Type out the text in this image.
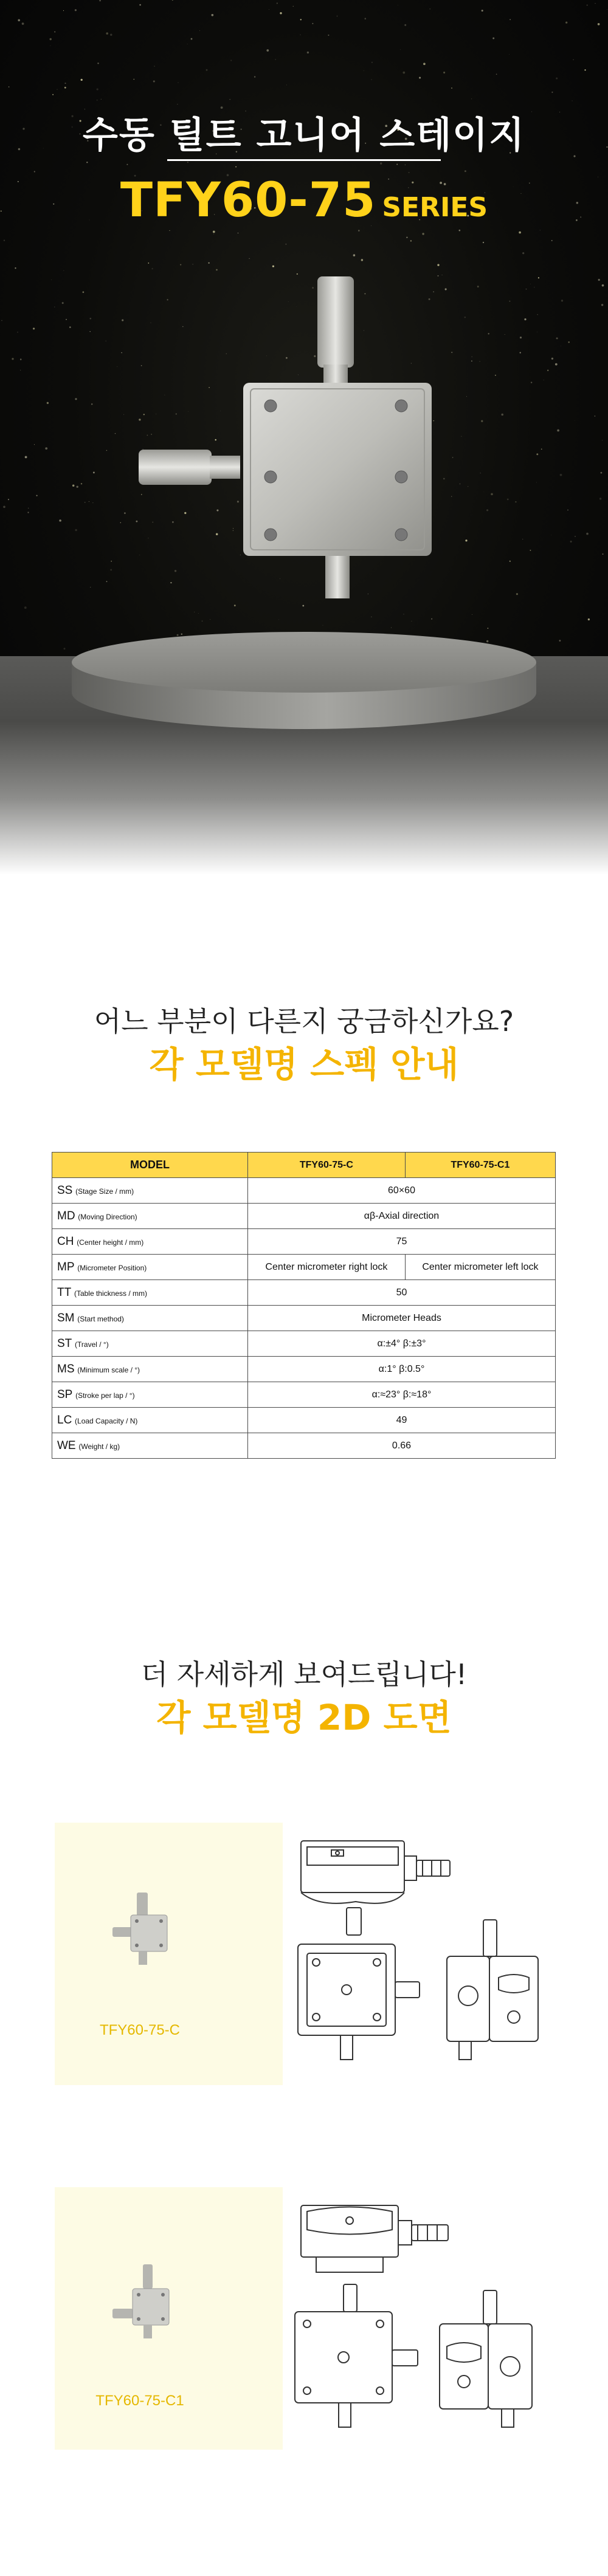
수동 틸트 고니어 스테이지
TFY60-75 SERIES
어느 부분이 다른지 궁금하신가요?
각 모델명 스펙 안내
MODEL	TFY60-75-C	TFY60-75-C1
SS (Stage Size / mm)	60×60	
MD (Moving Direction)	αβ-Axial direction	
CH (Center height / mm)	75	
MP (Micrometer Position)	Center micrometer right lock	Center micrometer left lock
TT (Table thickness / mm)	50	
SM (Start method)	Micrometer Heads	
ST (Travel / °)	α:±4° β:±3°	
MS (Minimum scale / °)	α:1° β:0.5°	
SP (Stroke per lap / °)	α:≈23° β:≈18°	
LC (Load Capacity / N)	49	
WE (Weight / kg)	0.66	
더 자세하게 보여드립니다!
각 모델명 2D 도면
TFY60-75-C
TFY60-75-C1
